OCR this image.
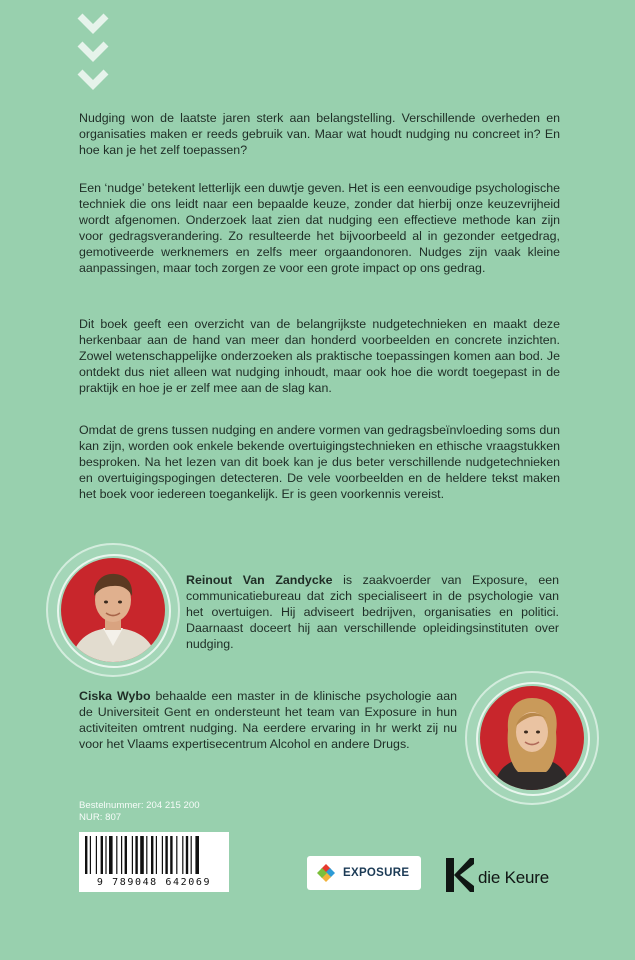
Nudging won de laatste jaren sterk aan belangstelling. Verschillende overheden en organisaties maken er reeds gebruik van. Maar wat houdt nudging nu concreet in? En hoe kan je het zelf toepassen?

Een ‘nudge’ betekent letterlijk een duwtje geven. Het is een eenvoudige psychologische techniek die ons leidt naar een bepaalde keuze, zonder dat hierbij onze keuzevrijheid wordt afgenomen. Onderzoek laat zien dat nudging een effectieve methode kan zijn voor gedragsverandering. Zo resulteerde het bijvoorbeeld al in gezonder eetgedrag, gemotiveerde werknemers en zelfs meer orgaandonoren. Nudges zijn vaak kleine aanpassingen, maar toch zorgen ze voor een grote impact op ons gedrag.

Dit boek geeft een overzicht van de belangrijkste nudgetechnieken en maakt deze herkenbaar aan de hand van meer dan honderd voorbeelden en concrete inzichten. Zowel wetenschappelijke onderzoeken als praktische toepassingen komen aan bod. Je ontdekt dus niet alleen wat nudging inhoudt, maar ook hoe die wordt toegepast in de praktijk en hoe je er zelf mee aan de slag kan.

Omdat de grens tussen nudging en andere vormen van gedragsbeïnvloeding soms dun kan zijn, worden ook enkele bekende overtuigingstechnieken en ethische vraagstukken besproken. Na het lezen van dit boek kan je dus beter verschillende nudgetechnieken en overtuigingspogingen detecteren. De vele voorbeelden en de heldere tekst maken het boek voor iedereen toegankelijk. Er is geen voorkennis vereist.

Reinout Van Zandycke is zaakvoerder van Exposure, een communicatiebureau dat zich specialiseert in de psychologie van het overtuigen. Hij adviseert bedrijven, organisaties en politici. Daarnaast doceert hij aan verschillende opleidingsinstituten over nudging.

Ciska Wybo behaalde een master in de klinische psychologie aan de Universiteit Gent en ondersteunt het team van Exposure in hun activiteiten omtrent nudging. Na eerdere ervaring in hr werkt zij nu voor het Vlaams expertisecentrum Alcohol en andere Drugs.

Bestelnummer: 204 215 200
NUR: 807
9 789048 642069
EXPOSURE	die Keure
